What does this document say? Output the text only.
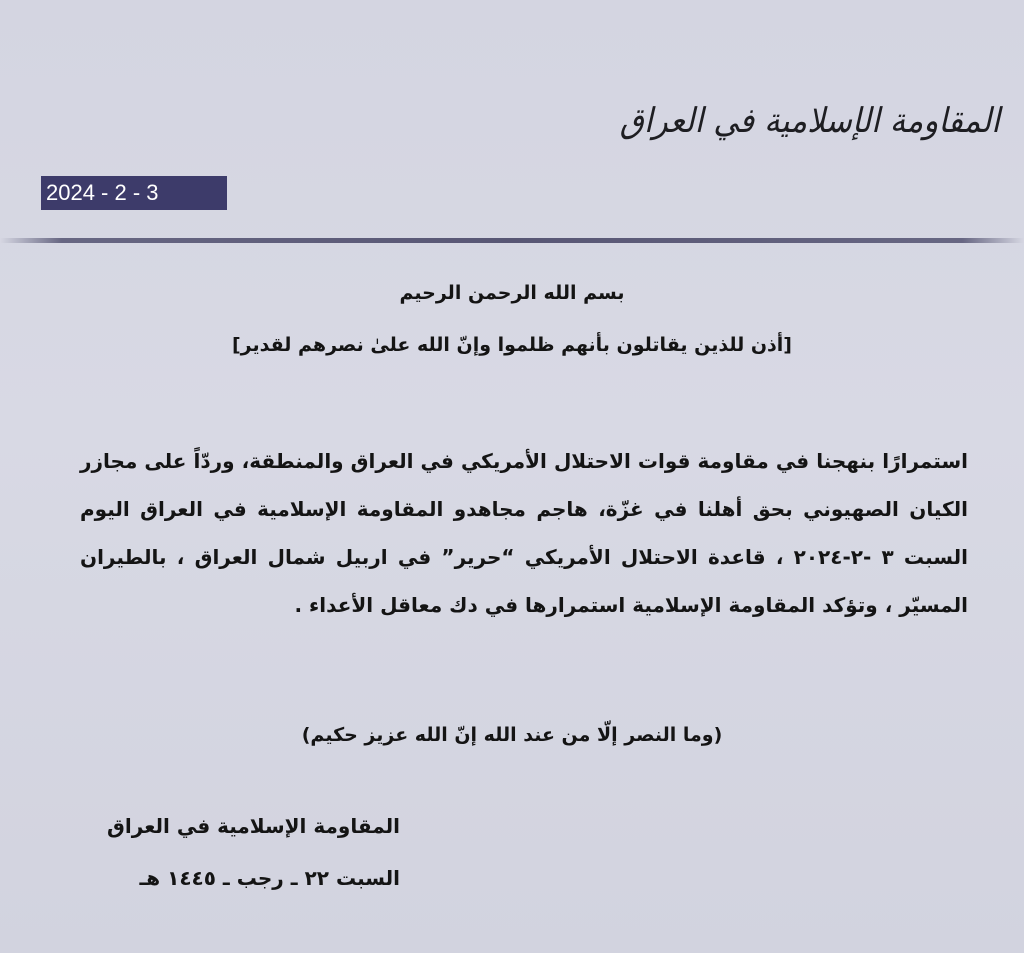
المقاومة الإسلامية في العراق
2024 - 2 - 3
بسم الله الرحمن الرحيم
[أذن للذين يقاتلون بأنهم ظلموا وإنّ الله علىٰ نصرهم لقدير]
استمرارًا بنهجنا في مقاومة قوات الاحتلال الأمريكي في العراق والمنطقة، وردّاً على مجازر الكيان الصهيوني بحق أهلنا في غزّة، هاجم مجاهدو المقاومة الإسلامية في العراق اليوم السبت ٣ -٢-٢٠٢٤ ، قاعدة الاحتلال الأمريكي “حرير” في اربيل شمال العراق ، بالطيران المسيّر ، وتؤكد المقاومة الإسلامية استمرارها في دك معاقل الأعداء .
(وما النصر إلّا من عند الله إنّ الله عزيز حكيم)
المقاومة الإسلامية في العراق
السبت ٢٢ ـ رجب ـ ١٤٤٥ هـ
